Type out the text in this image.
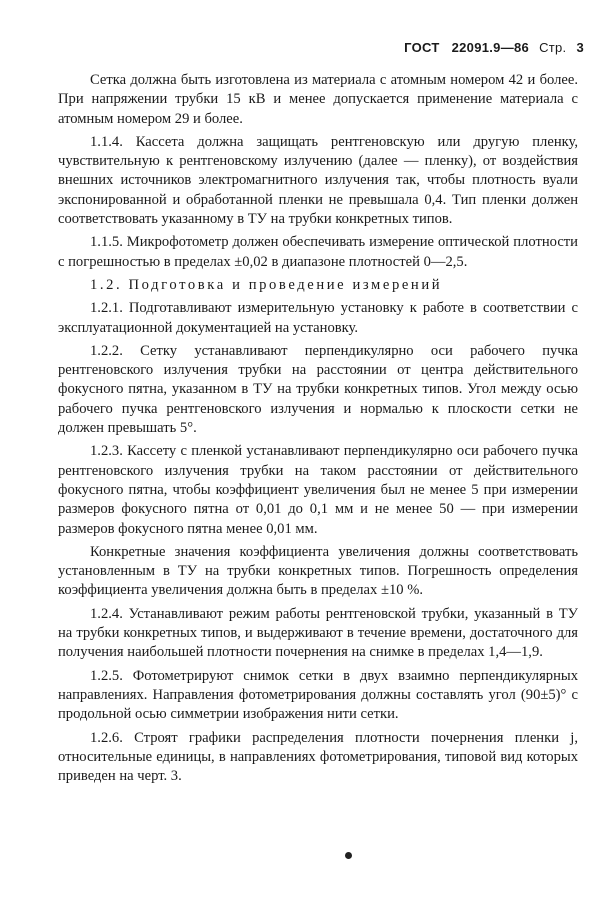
ГОСТ 22091.9—86 Стр. 3

Сетка должна быть изготовлена из материала с атомным номером 42 и более. При напряжении трубки 15 кВ и менее допускается применение материала с атомным номером 29 и более.

1.1.4. Кассета должна защищать рентгеновскую или другую пленку, чувствительную к рентгеновскому излучению (далее — пленку), от воздействия внешних источников электромагнитного излучения так, чтобы плотность вуали экспонированной и обработанной пленки не превышала 0,4. Тип пленки должен соответствовать указанному в ТУ на трубки конкретных типов.

1.1.5. Микрофотометр должен обеспечивать измерение оптической плотности с погрешностью в пределах ±0,02 в диапазоне плотностей 0—2,5.

1.2. Подготовка и проведение измерений

1.2.1. Подготавливают измерительную установку к работе в соответствии с эксплуатационной документацией на установку.

1.2.2. Сетку устанавливают перпендикулярно оси рабочего пучка рентгеновского излучения трубки на расстоянии от центра действительного фокусного пятна, указанном в ТУ на трубки конкретных типов. Угол между осью рабочего пучка рентгеновского излучения и нормалью к плоскости сетки не должен превышать 5°.

1.2.3. Кассету с пленкой устанавливают перпендикулярно оси рабочего пучка рентгеновского излучения трубки на таком расстоянии от действительного фокусного пятна, чтобы коэффициент увеличения был не менее 5 при измерении размеров фокусного пятна от 0,01 до 0,1 мм и не менее 50 — при измерении размеров фокусного пятна менее 0,01 мм.

Конкретные значения коэффициента увеличения должны соответствовать установленным в ТУ на трубки конкретных типов. Погрешность определения коэффициента увеличения должна быть в пределах ±10 %.

1.2.4. Устанавливают режим работы рентгеновской трубки, указанный в ТУ на трубки конкретных типов, и выдерживают в течение времени, достаточного для получения наибольшей плотности почернения на снимке в пределах 1,4—1,9.

1.2.5. Фотометрируют снимок сетки в двух взаимно перпендикулярных направлениях. Направления фотометрирования должны составлять угол (90±5)° с продольной осью симметрии изображения нити сетки.

1.2.6. Строят графики распределения плотности почернения пленки j, относительные единицы, в направлениях фотометрирования, типовой вид которых приведен на черт. 3.
